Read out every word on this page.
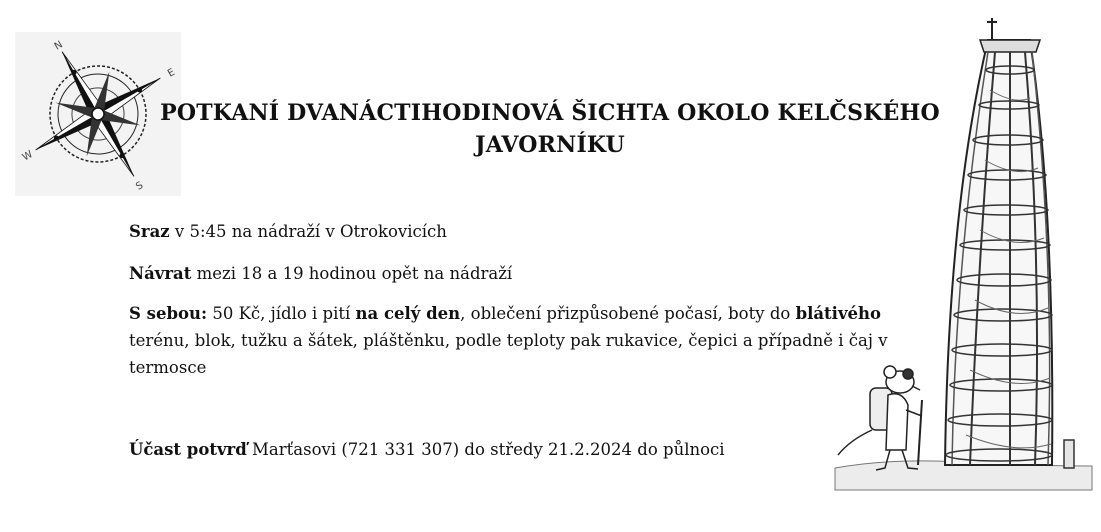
N
E
S
W
POTKANÍ DVANÁCTIHODINOVÁ ŠICHTA OKOLO KELČSKÉHO
JAVORNÍKU

Sraz v 5:45 na nádraží v Otrokovicích

Návrat mezi 18 a 19 hodinou opět na nádraží

S sebou: 50 Kč, jídlo i pití na celý den, oblečení přizpůsobené počasí, boty do blátivého terénu, blok, tužku a šátek, pláštěnku, podle teploty pak rukavice, čepici a případně i čaj v termosce

Účast potvrď Marťasovi (721 331 307) do středy 21.2.2024 do půlnoci
